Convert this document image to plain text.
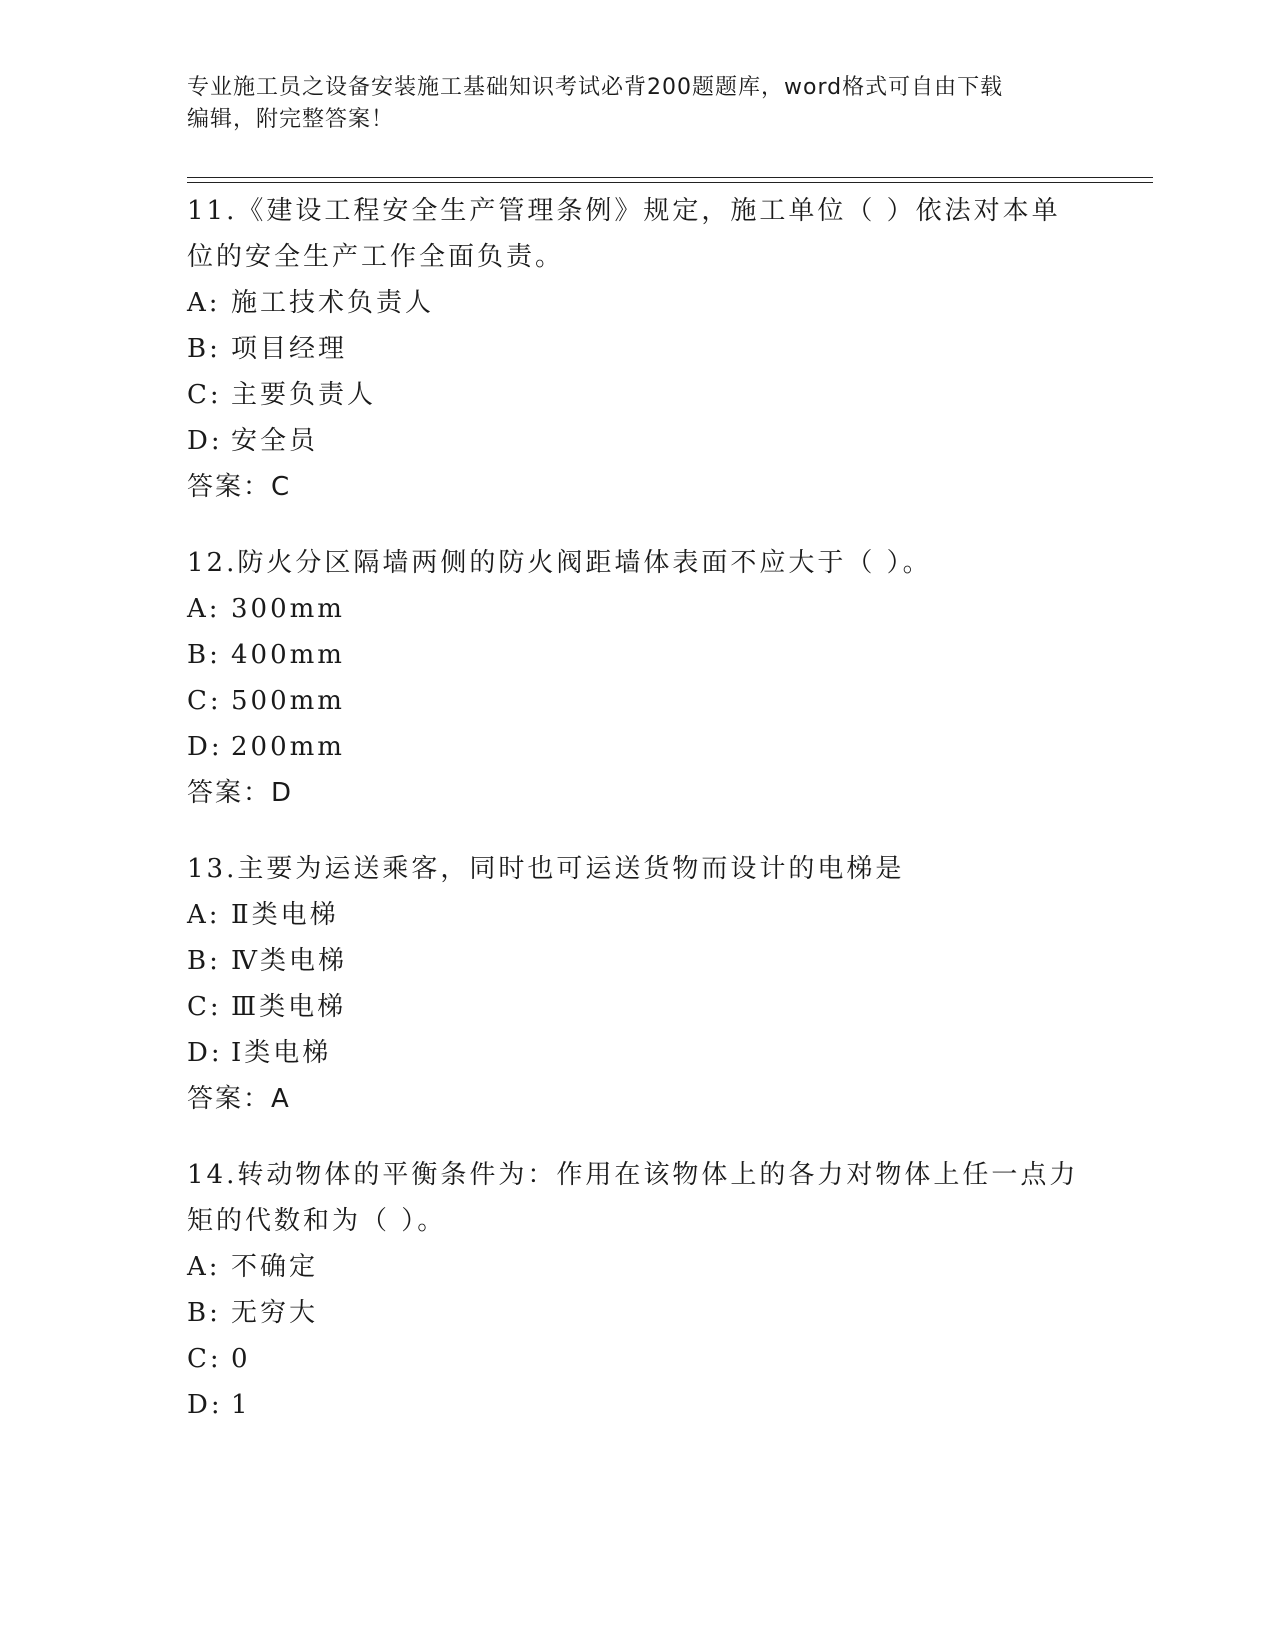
专业施工员之设备安装施工基础知识考试必背200题题库，word格式可自由下载
编辑，附完整答案！
11.《建设工程安全生产管理条例》规定，施工单位（ ）依法对本单
位的安全生产工作全面负责。
A: 施工技术负责人
B: 项目经理
C: 主要负责人
D: 安全员
答案：C
12.防火分区隔墙两侧的防火阀距墙体表面不应大于（ ）。
A: 300mm
B: 400mm
C: 500mm
D: 200mm
答案：D
13.主要为运送乘客，同时也可运送货物而设计的电梯是
A: Ⅱ类电梯
B: Ⅳ类电梯
C: Ⅲ类电梯
D: Ⅰ类电梯
答案：A
14.转动物体的平衡条件为：作用在该物体上的各力对物体上任一点力
矩的代数和为（ ）。
A: 不确定
B: 无穷大
C: 0
D: 1
